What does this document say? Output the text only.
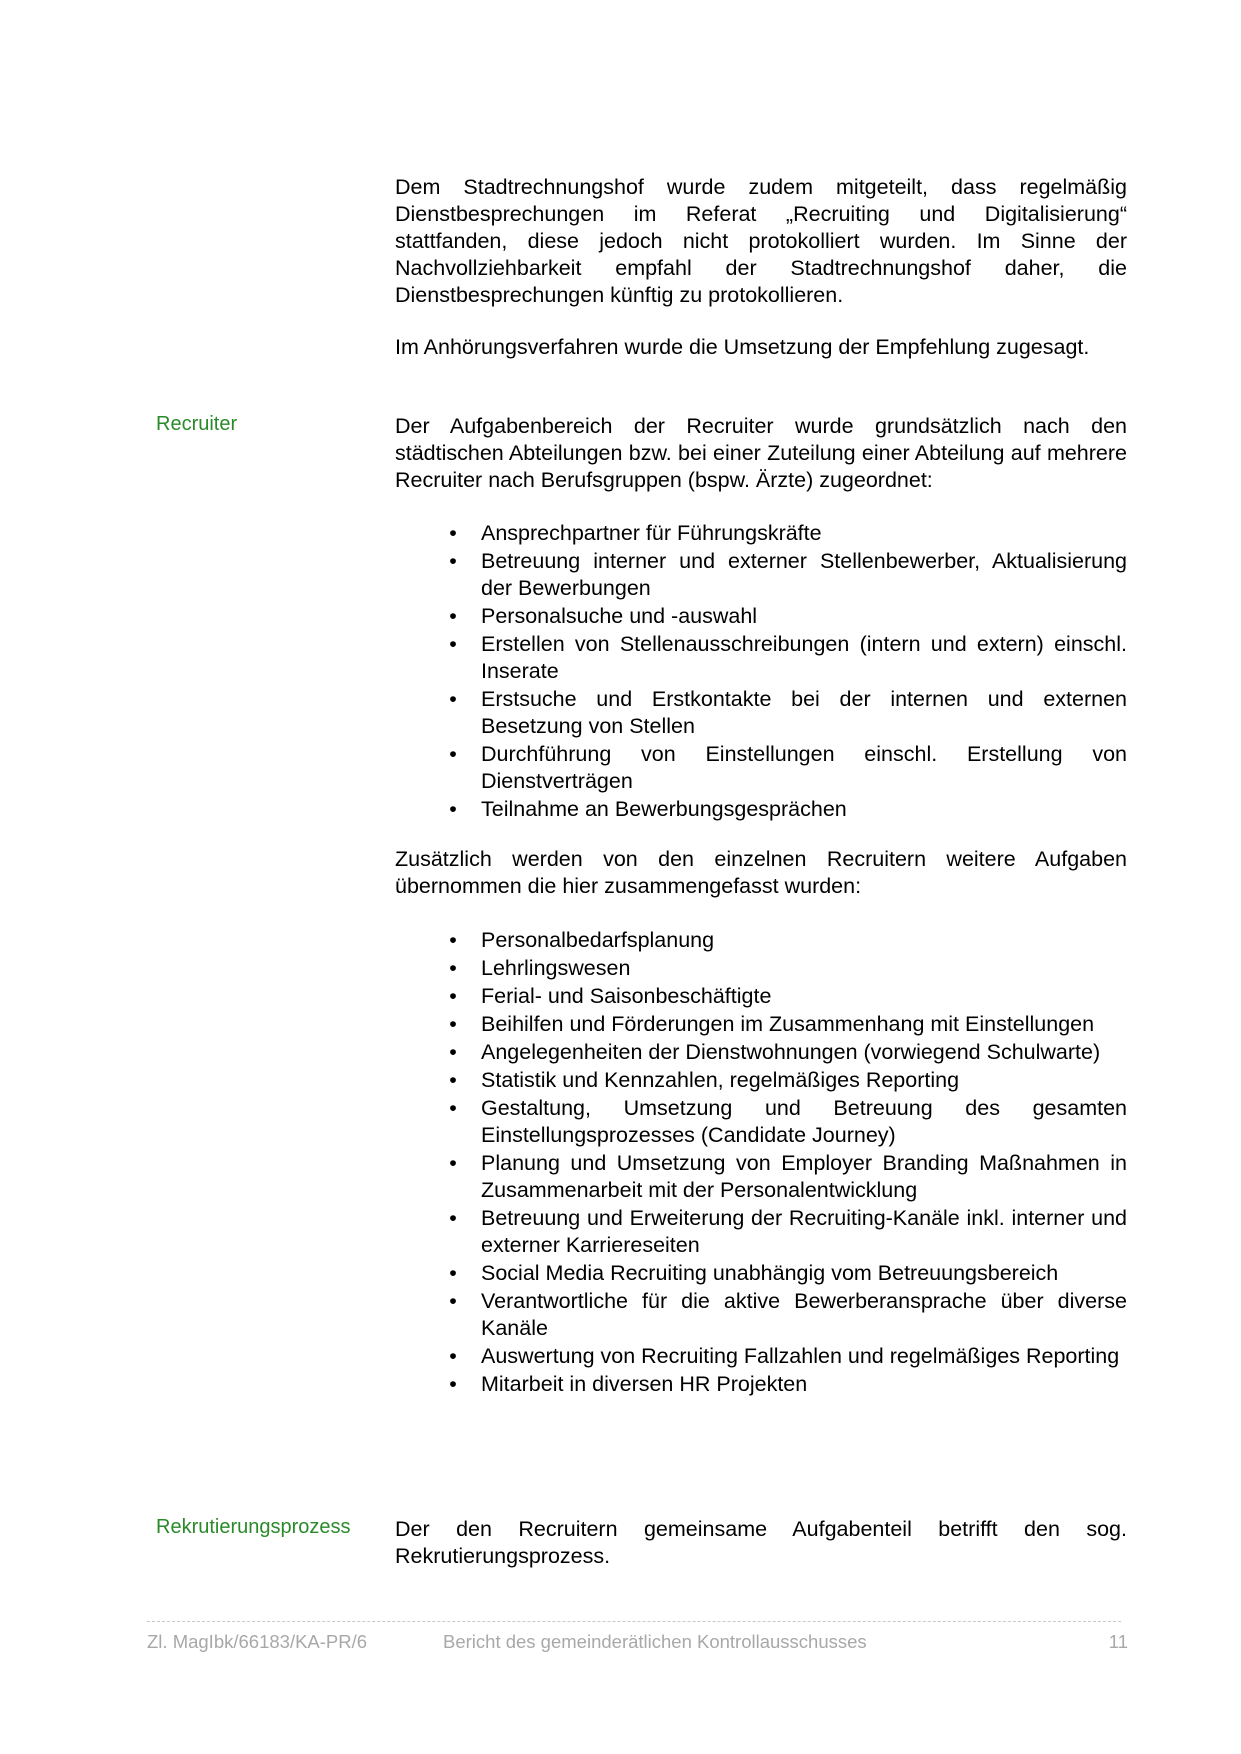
Dem Stadtrechnungshof wurde zudem mitgeteilt, dass regelmäßig Dienstbesprechungen im Referat „Recruiting und Digitalisierung“ stattfanden, diese jedoch nicht protokolliert wurden. Im Sinne der Nachvollziehbarkeit empfahl der Stadtrechnungshof daher, die Dienstbesprechungen künftig zu protokollieren.

Im Anhörungsverfahren wurde die Umsetzung der Empfehlung zugesagt.

Recruiter	Der Aufgabenbereich der Recruiter wurde grundsätzlich nach den städtischen Abteilungen bzw. bei einer Zuteilung einer Abteilung auf mehrere Recruiter nach Berufsgruppen (bspw. Ärzte) zugeordnet:

• Ansprechpartner für Führungskräfte
• Betreuung interner und externer Stellenbewerber, Aktualisierung der Bewerbungen
• Personalsuche und -auswahl
• Erstellen von Stellenausschreibungen (intern und extern) einschl. Inserate
• Erstsuche und Erstkontakte bei der internen und externen Besetzung von Stellen
• Durchführung von Einstellungen einschl. Erstellung von Dienstverträgen
• Teilnahme an Bewerbungsgesprächen

Zusätzlich werden von den einzelnen Recruitern weitere Aufgaben übernommen die hier zusammengefasst wurden:

• Personalbedarfsplanung
• Lehrlingswesen
• Ferial- und Saisonbeschäftigte
• Beihilfen und Förderungen im Zusammenhang mit Einstellungen
• Angelegenheiten der Dienstwohnungen (vorwiegend Schulwarte)
• Statistik und Kennzahlen, regelmäßiges Reporting
• Gestaltung, Umsetzung und Betreuung des gesamten Einstellungsprozesses (Candidate Journey)
• Planung und Umsetzung von Employer Branding Maßnahmen in Zusammenarbeit mit der Personalentwicklung
• Betreuung und Erweiterung der Recruiting-Kanäle inkl. interner und externer Karriereseiten
• Social Media Recruiting unabhängig vom Betreuungsbereich
• Verantwortliche für die aktive Bewerberansprache über diverse Kanäle
• Auswertung von Recruiting Fallzahlen und regelmäßiges Reporting
• Mitarbeit in diversen HR Projekten
Rekrutierungsprozess Der den Recruitern gemeinsame Aufgabenteil betrifft den sog. Rekrutierungsprozess.

Zl. MagIbk/66183/KA-PR/6	Bericht des gemeinderätlichen Kontrollausschusses	11
